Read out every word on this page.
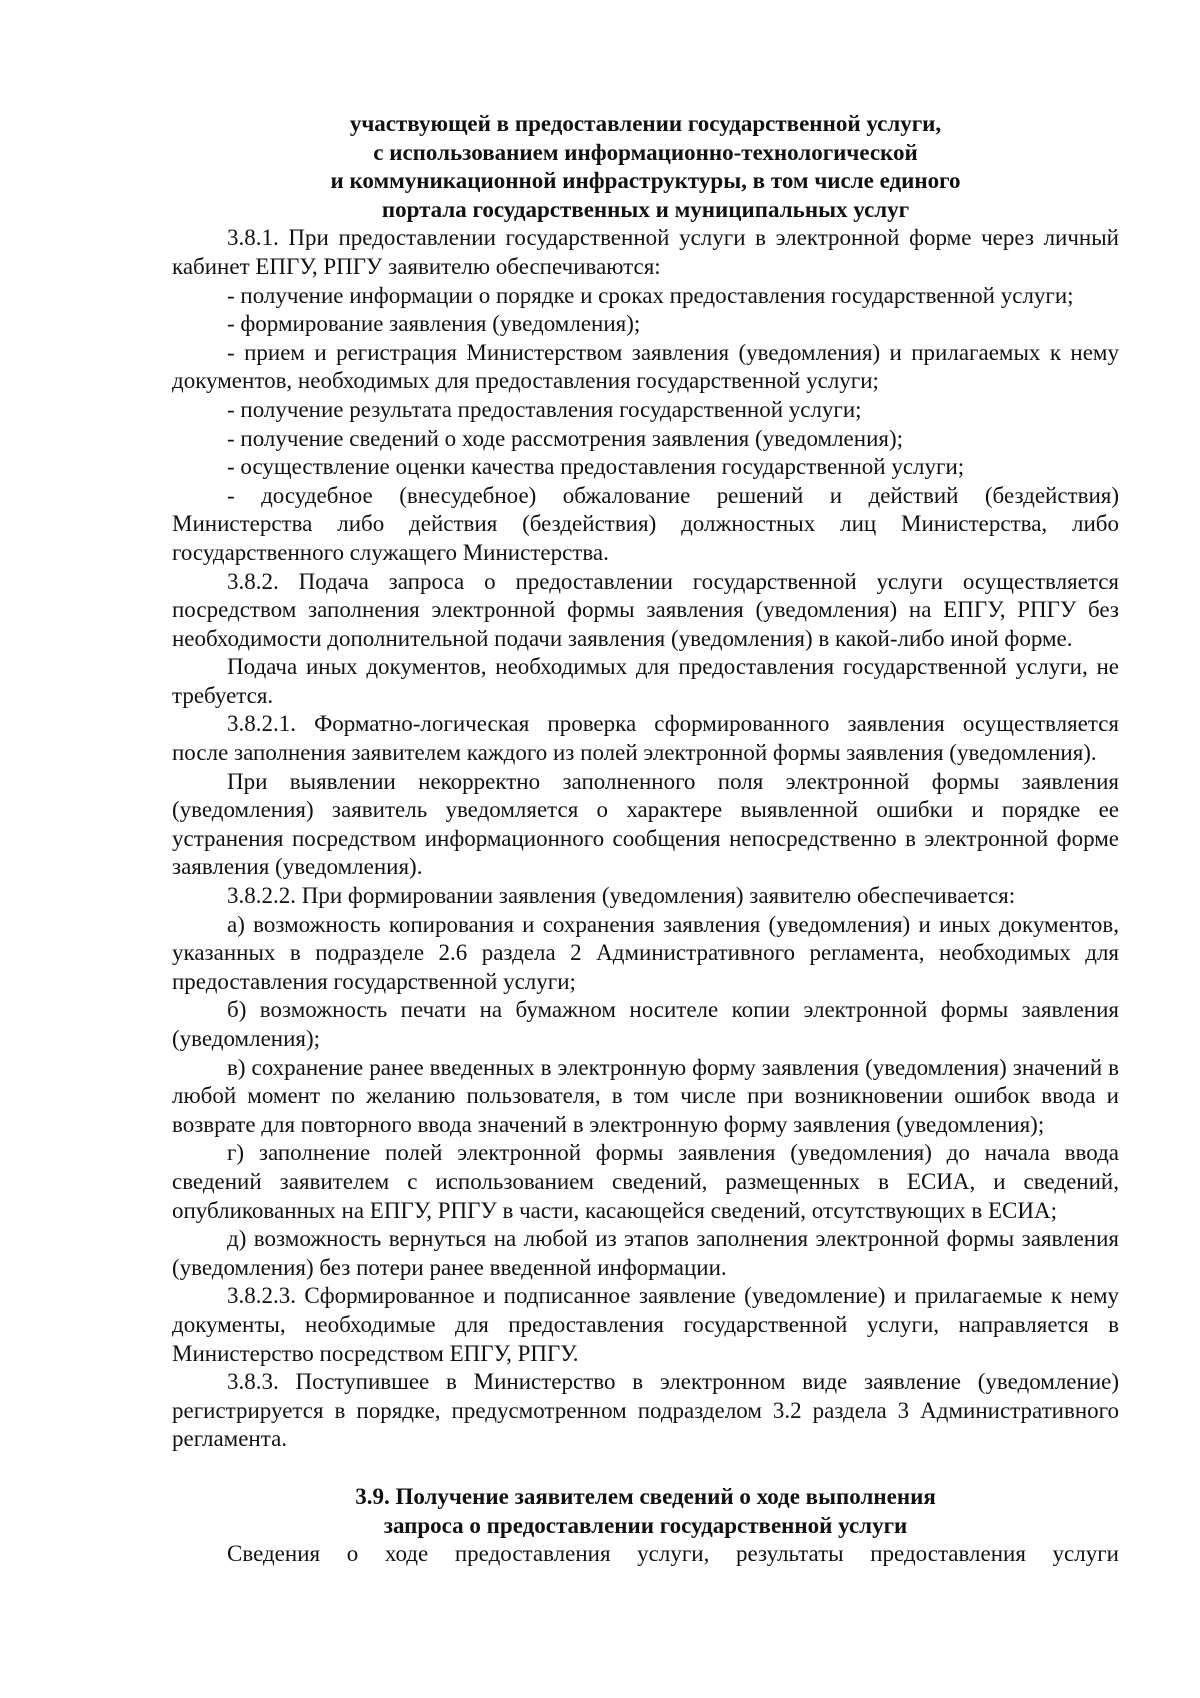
участвующей в предоставлении государственной услуги,
с использованием информационно-технологической
и коммуникационной инфраструктуры, в том числе единого
портала государственных и муниципальных услуг

3.8.1. При предоставлении государственной услуги в электронной форме через личный кабинет ЕПГУ, РПГУ заявителю обеспечиваются:

- получение информации о порядке и сроках предоставления государственной услуги;

- формирование заявления (уведомления);

- прием и регистрация Министерством заявления (уведомления) и прилагаемых к нему документов, необходимых для предоставления государственной услуги;

- получение результата предоставления государственной услуги;

- получение сведений о ходе рассмотрения заявления (уведомления);

- осуществление оценки качества предоставления государственной услуги;

- досудебное (внесудебное) обжалование решений и действий (бездействия) Министерства либо действия (бездействия) должностных лиц Министерства, либо государственного служащего Министерства.

3.8.2. Подача запроса о предоставлении государственной услуги осуществляется посредством заполнения электронной формы заявления (уведомления) на ЕПГУ, РПГУ без необходимости дополнительной подачи заявления (уведомления) в какой-либо иной форме.

Подача иных документов, необходимых для предоставления государственной услуги, не требуется.

3.8.2.1. Форматно-логическая проверка сформированного заявления осуществляется после заполнения заявителем каждого из полей электронной формы заявления (уведомления).

При выявлении некорректно заполненного поля электронной формы заявления (уведомления) заявитель уведомляется о характере выявленной ошибки и порядке ее устранения посредством информационного сообщения непосредственно в электронной форме заявления (уведомления).

3.8.2.2. При формировании заявления (уведомления) заявителю обеспечивается:

а) возможность копирования и сохранения заявления (уведомления) и иных документов, указанных в подразделе 2.6 раздела 2 Административного регламента, необходимых для предоставления государственной услуги;

б) возможность печати на бумажном носителе копии электронной формы заявления (уведомления);

в) сохранение ранее введенных в электронную форму заявления (уведомления) значений в любой момент по желанию пользователя, в том числе при возникновении ошибок ввода и возврате для повторного ввода значений в электронную форму заявления (уведомления);

г) заполнение полей электронной формы заявления (уведомления) до начала ввода сведений заявителем с использованием сведений, размещенных в ЕСИА, и сведений, опубликованных на ЕПГУ, РПГУ в части, касающейся сведений, отсутствующих в ЕСИА;

д) возможность вернуться на любой из этапов заполнения электронной формы заявления (уведомления) без потери ранее введенной информации.

3.8.2.3. Сформированное и подписанное заявление (уведомление) и прилагаемые к нему документы, необходимые для предоставления государственной услуги, направляется в Министерство посредством ЕПГУ, РПГУ.

3.8.3. Поступившее в Министерство в электронном виде заявление (уведомление) регистрируется в порядке, предусмотренном подразделом 3.2 раздела 3 Административного регламента.

3.9. Получение заявителем сведений о ходе выполнения
запроса о предоставлении государственной услуги

Сведения о ходе предоставления услуги, результаты предоставления услуги
